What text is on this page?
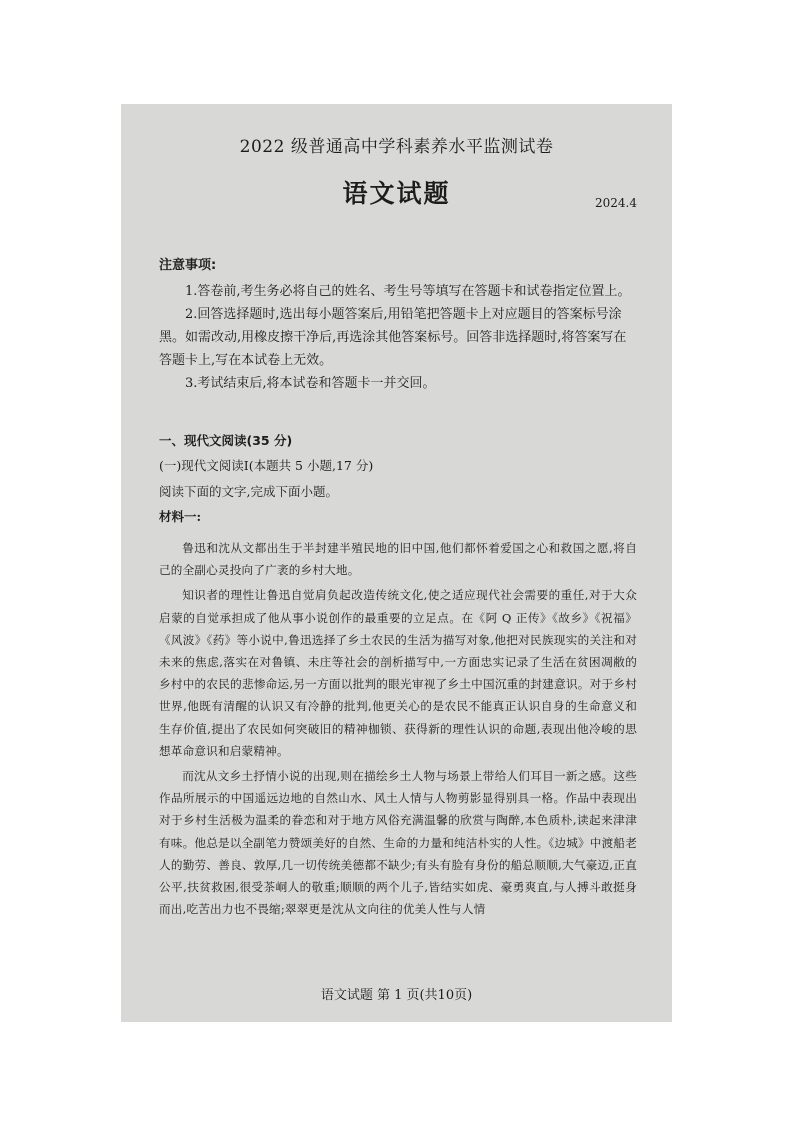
2022 级普通高中学科素养水平监测试卷
语文试题	2024.4
注意事项:

1.答卷前,考生务必将自己的姓名、考生号等填写在答题卡和试卷指定位置上。

2.回答选择题时,选出每小题答案后,用铅笔把答题卡上对应题目的答案标号涂黑。如需改动,用橡皮擦干净后,再选涂其他答案标号。回答非选择题时,将答案写在答题卡上,写在本试卷上无效。

3.考试结束后,将本试卷和答题卡一并交回。

一、现代文阅读(35 分)
(一)现代文阅读Ⅰ(本题共 5 小题,17 分)
阅读下面的文字,完成下面小题。
材料一:

鲁迅和沈从文都出生于半封建半殖民地的旧中国,他们都怀着爱国之心和救国之愿,将自己的全副心灵投向了广袤的乡村大地。

知识者的理性让鲁迅自觉肩负起改造传统文化,使之适应现代社会需要的重任,对于大众启蒙的自觉承担成了他从事小说创作的最重要的立足点。在《阿 Q 正传》《故乡》《祝福》《风波》《药》等小说中,鲁迅选择了乡土农民的生活为描写对象,他把对民族现实的关注和对未来的焦虑,落实在对鲁镇、未庄等社会的剖析描写中,一方面忠实记录了生活在贫困凋敝的乡村中的农民的悲惨命运,另一方面以批判的眼光审视了乡土中国沉重的封建意识。对于乡村世界,他既有清醒的认识又有冷静的批判,他更关心的是农民不能真正认识自身的生命意义和生存价值,提出了农民如何突破旧的精神枷锁、获得新的理性认识的命题,表现出他冷峻的思想革命意识和启蒙精神。

而沈从文乡土抒情小说的出现,则在描绘乡土人物与场景上带给人们耳目一新之感。这些作品所展示的中国遥远边地的自然山水、风土人情与人物剪影显得别具一格。作品中表现出对于乡村生活极为温柔的眷恋和对于地方风俗充满温馨的欣赏与陶醉,本色质朴,读起来津津有味。他总是以全副笔力赞颂美好的自然、生命的力量和纯洁朴实的人性。《边城》中渡船老人的勤劳、善良、敦厚,几一切传统美德都不缺少;有头有脸有身份的船总顺顺,大气豪迈,正直公平,扶贫救困,很受茶峒人的敬重;顺顺的两个儿子,皆结实如虎、豪勇爽直,与人搏斗敢挺身而出,吃苦出力也不畏缩;翠翠更是沈从文向往的优美人性与人情

语文试题 第 1 页(共10页)
